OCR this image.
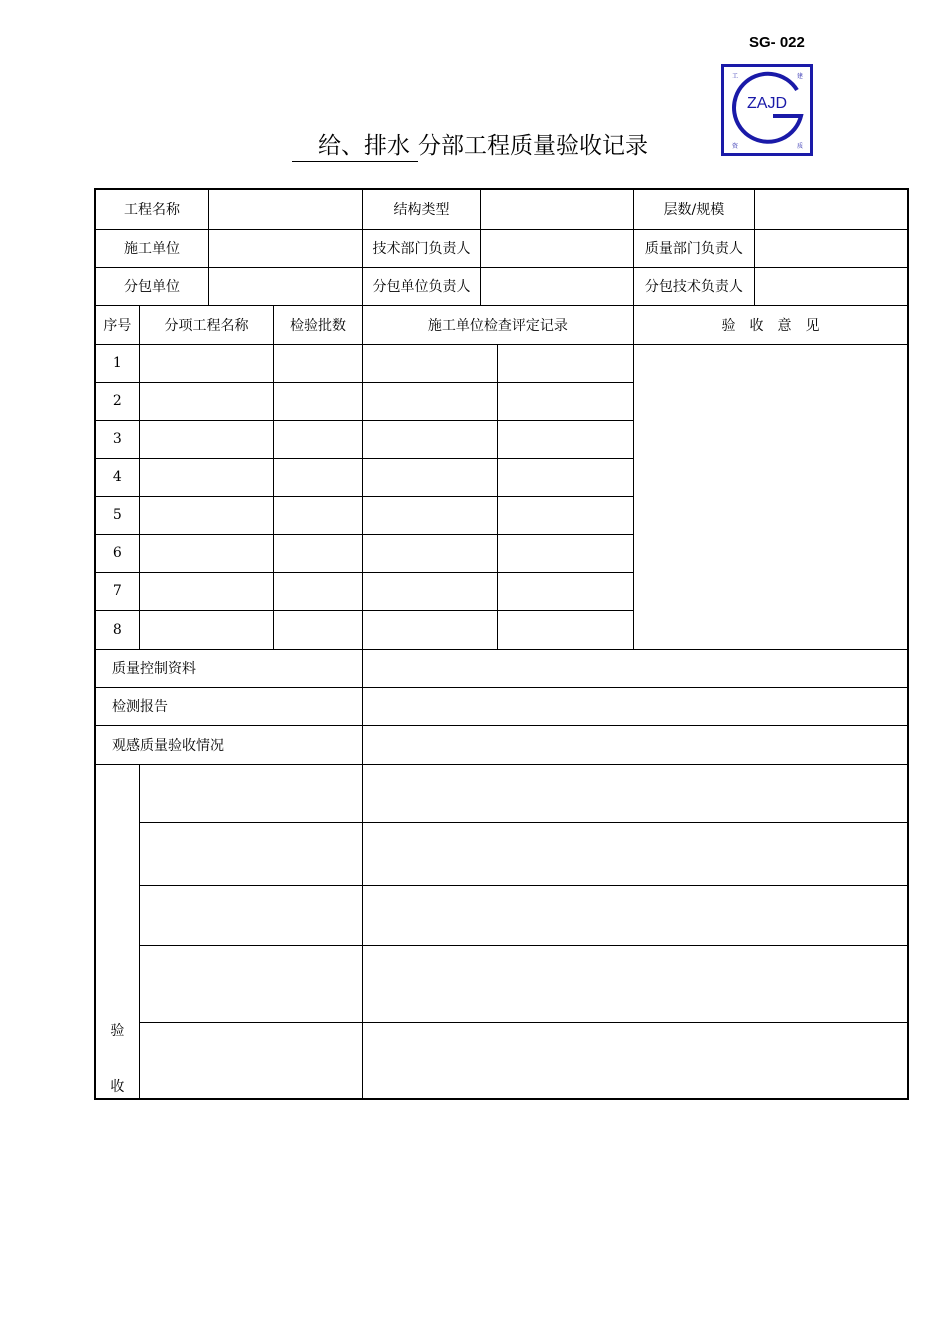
SG- 022
ZAJD
工	建
资	质
给、排水 分部工程质量验收记录
工程名称				结构类型			层数/规模	
施工单位				技术部门负责人			质量部门负责人	
分包单位				分包单位负责人			分包技术负责人	
序号	分项工程名称		检验批数	施工单位检查评定记录			验　收　意　见	
1								
2								
3								
4								
5								
6								
7								
8								
质量控制资料								
检测报告								
观感质量验收情况								

验
收								
